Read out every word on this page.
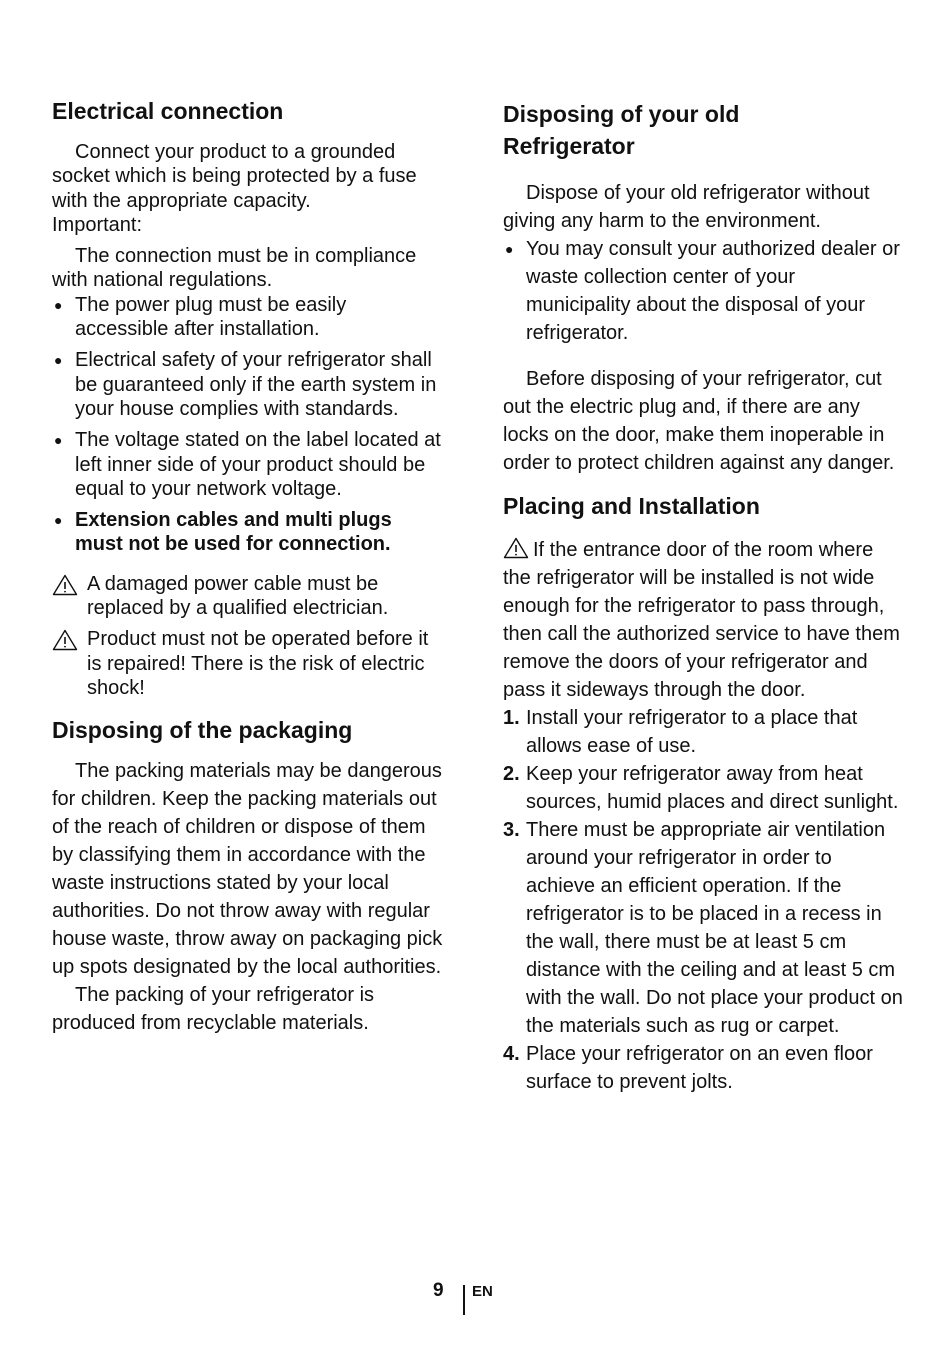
Electrical connection

Connect your product to a grounded socket which is being protected by a fuse with the appropriate capacity.

Important:

The connection must be in compliance with national regulations.

● The power plug must be easily accessible after installation.
● Electrical safety of your refrigerator shall be guaranteed only if the earth system in your house complies with standards.
● The voltage stated on the label located at left inner side of your product should be equal to your network voltage.
● Extension cables and multi plugs must not be used for connection.
A damaged power cable must be replaced by a qualified electrician.
Product must not be operated before it is repaired! There is the risk of electric shock!
Disposing of the packaging

The packing materials may be dangerous for children. Keep the packing materials out of the reach of children or dispose of them by classifying them in accordance with the waste instructions stated by your local authorities. Do not throw away with regular house waste, throw away on packaging pick up spots designated by the local authorities.

The packing of your refrigerator is produced from recyclable materials.

Disposing of your old
Refrigerator

Dispose of your old refrigerator without giving any harm to the environment.

● You may consult your authorized dealer or waste collection center of your municipality about the disposal of your refrigerator.

Before disposing of your refrigerator, cut out the electric plug and, if there are any locks on the door, make them inoperable in order to protect children against any danger.

Placing and Installation

If the entrance door of the room where the refrigerator will be installed is not wide enough for the refrigerator to pass through, then call the authorized service to have them remove the doors of your refrigerator and pass it sideways through the door.

1. Install your refrigerator to a place that allows ease of use.
2. Keep your refrigerator away from heat sources, humid places and direct sunlight.
3. There must be appropriate air ventilation around your refrigerator in order to achieve an efficient operation. If the refrigerator is to be placed in a recess in the wall, there must be at least 5 cm distance with the ceiling and at least 5 cm with the wall. Do not place your product on the materials such as rug or carpet.
4. Place your refrigerator on an even floor surface to prevent jolts.
9 EN
